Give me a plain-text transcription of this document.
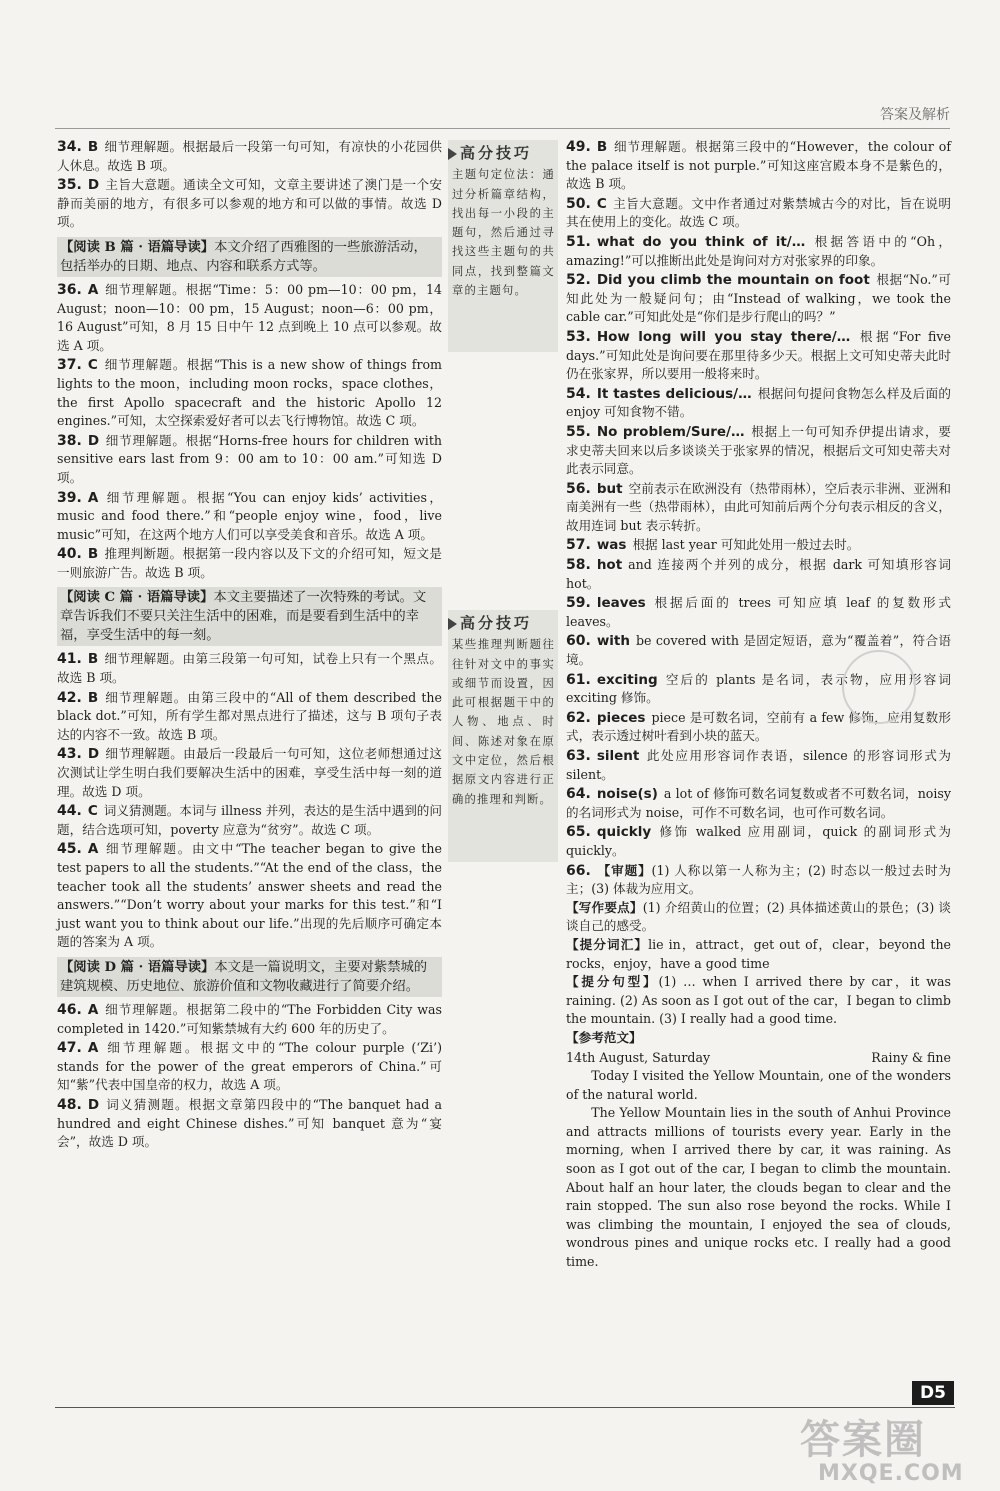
答案及解析

34. B 细节理解题。根据最后一段第一句可知，有凉快的小花园供人休息。故选 B 项。

35. D 主旨大意题。通读全文可知，文章主要讲述了澳门是一个安静而美丽的地方，有很多可以参观的地方和可以做的事情。故选 D 项。

【阅读 B 篇 · 语篇导读】本文介绍了西雅图的一些旅游活动，包括举办的日期、地点、内容和联系方式等。

36. A 细节理解题。根据“Time：5：00 pm—10：00 pm，14 August；noon—10：00 pm，15 August；noon—6：00 pm，16 August”可知，8 月 15 日中午 12 点到晚上 10 点可以参观。故选 A 项。

37. C 细节理解题。根据“This is a new show of things from lights to the moon，including moon rocks，space clothes，the first Apollo spacecraft and the historic Apollo 12 engines.”可知，太空探索爱好者可以去飞行博物馆。故选 C 项。

38. D 细节理解题。根据“Horns-free hours for children with sensitive ears last from 9：00 am to 10：00 am.”可知选 D 项。

39. A 细节理解题。根据“You can enjoy kids’ activities，music and food there.”和“people enjoy wine，food，live music”可知，在这两个地方人们可以享受美食和音乐。故选 A 项。

40. B 推理判断题。根据第一段内容以及下文的介绍可知，短文是一则旅游广告。故选 B 项。

【阅读 C 篇 · 语篇导读】本文主要描述了一次特殊的考试。文章告诉我们不要只关注生活中的困难，而是要看到生活中的幸福，享受生活中的每一刻。

41. B 细节理解题。由第三段第一句可知，试卷上只有一个黑点。故选 B 项。

42. B 细节理解题。由第三段中的“All of them described the black dot.”可知，所有学生都对黑点进行了描述，这与 B 项句子表达的内容不一致。故选 B 项。

43. D 细节理解题。由最后一段最后一句可知，这位老师想通过这次测试让学生明白我们要解决生活中的困难，享受生活中每一刻的道理。故选 D 项。

44. C 词义猜测题。本词与 illness 并列，表达的是生活中遇到的问题，结合选项可知，poverty 应意为“贫穷”。故选 C 项。

45. A 细节理解题。由文中“The teacher began to give the test papers to all the students.”“At the end of the class，the teacher took all the students’ answer sheets and read the answers.”“Don’t worry about your marks for this test.”和“I just want you to think about our life.”出现的先后顺序可确定本题的答案为 A 项。

【阅读 D 篇 · 语篇导读】本文是一篇说明文，主要对紫禁城的建筑规模、历史地位、旅游价值和文物收藏进行了简要介绍。

46. A 细节理解题。根据第二段中的“The Forbidden City was completed in 1420.”可知紫禁城有大约 600 年的历史了。

47. A 细节理解题。根据文中的“The colour purple (‘Zi’) stands for the power of the great emperors of China.”可知“紫”代表中国皇帝的权力，故选 A 项。

48. D 词义猜测题。根据文章第四段中的“The banquet had a hundred and eight Chinese dishes.”可知 banquet 意为“宴会”，故选 D 项。

高分技巧
主题句定位法：通过分析篇章结构，找出每一小段的主题句，然后通过寻找这些主题句的共同点，找到整篇文章的主题句。
高分技巧
某些推理判断题往往针对文中的事实或细节而设置，因此可根据题干中的人物、地点、时间、陈述对象在原文中定位，然后根据原文内容进行正确的推理和判断。

49. B 细节理解题。根据第三段中的“However，the colour of the palace itself is not purple.”可知这座宫殿本身不是紫色的，故选 B 项。

50. C 主旨大意题。文中作者通过对紫禁城古今的对比，旨在说明其在使用上的变化。故选 C 项。

51. what do you think of it/… 根据答语中的“Oh，amazing!”可以推断出此处是询问对方对张家界的印象。

52. Did you climb the mountain on foot 根据“No.”可知此处为一般疑问句；由“Instead of walking，we took the cable car.”可知此处是“你们是步行爬山的吗？”

53. How long will you stay there/… 根据“For five days.”可知此处是询问要在那里待多少天。根据上文可知史蒂夫此时仍在张家界，所以要用一般将来时。

54. It tastes delicious/… 根据问句提问食物怎么样及后面的 enjoy 可知食物不错。

55. No problem/Sure/… 根据上一句可知乔伊提出请求，要求史蒂夫回来以后多谈谈关于张家界的情况，根据后文可知史蒂夫对此表示同意。

56. but 空前表示在欧洲没有（热带雨林），空后表示非洲、亚洲和南美洲有一些（热带雨林），由此可知前后两个分句表示相反的含义，故用连词 but 表示转折。

57. was 根据 last year 可知此处用一般过去时。

58. hot and 连接两个并列的成分，根据 dark 可知填形容词 hot。

59. leaves 根据后面的 trees 可知应填 leaf 的复数形式 leaves。

60. with be covered with 是固定短语，意为“覆盖着”，符合语境。

61. exciting 空后的 plants 是名词，表示物，应用形容词 exciting 修饰。

62. pieces piece 是可数名词，空前有 a few 修饰，应用复数形式，表示透过树叶看到小块的蓝天。

63. silent 此处应用形容词作表语，silence 的形容词形式为 silent。

64. noise(s) a lot of 修饰可数名词复数或者不可数名词，noisy 的名词形式为 noise，可作不可数名词，也可作可数名词。

65. quickly 修饰 walked 应用副词，quick 的副词形式为 quickly。

66. 【审题】(1) 人称以第一人称为主；(2) 时态以一般过去时为主；(3) 体裁为应用文。

【写作要点】(1) 介绍黄山的位置；(2) 具体描述黄山的景色；(3) 谈谈自己的感受。

【提分词汇】lie in，attract，get out of，clear，beyond the rocks，enjoy，have a good time

【提分句型】(1) … when I arrived there by car，it was raining. (2) As soon as I got out of the car，I began to climb the mountain. (3) I really had a good time.

【参考范文】

14th August, Saturday	Rainy & fine

Today I visited the Yellow Mountain, one of the wonders of the natural world.

The Yellow Mountain lies in the south of Anhui Province and attracts millions of tourists every year. Early in the morning, when I arrived there by car, it was raining. As soon as I got out of the car, I began to climb the mountain. About half an hour later, the clouds began to clear and the rain stopped. The sun also rose beyond the rocks. While I was climbing the mountain, I enjoyed the sea of clouds, wondrous pines and unique rocks etc. I really had a good time.

D5
答案圈
MXQE.COM
